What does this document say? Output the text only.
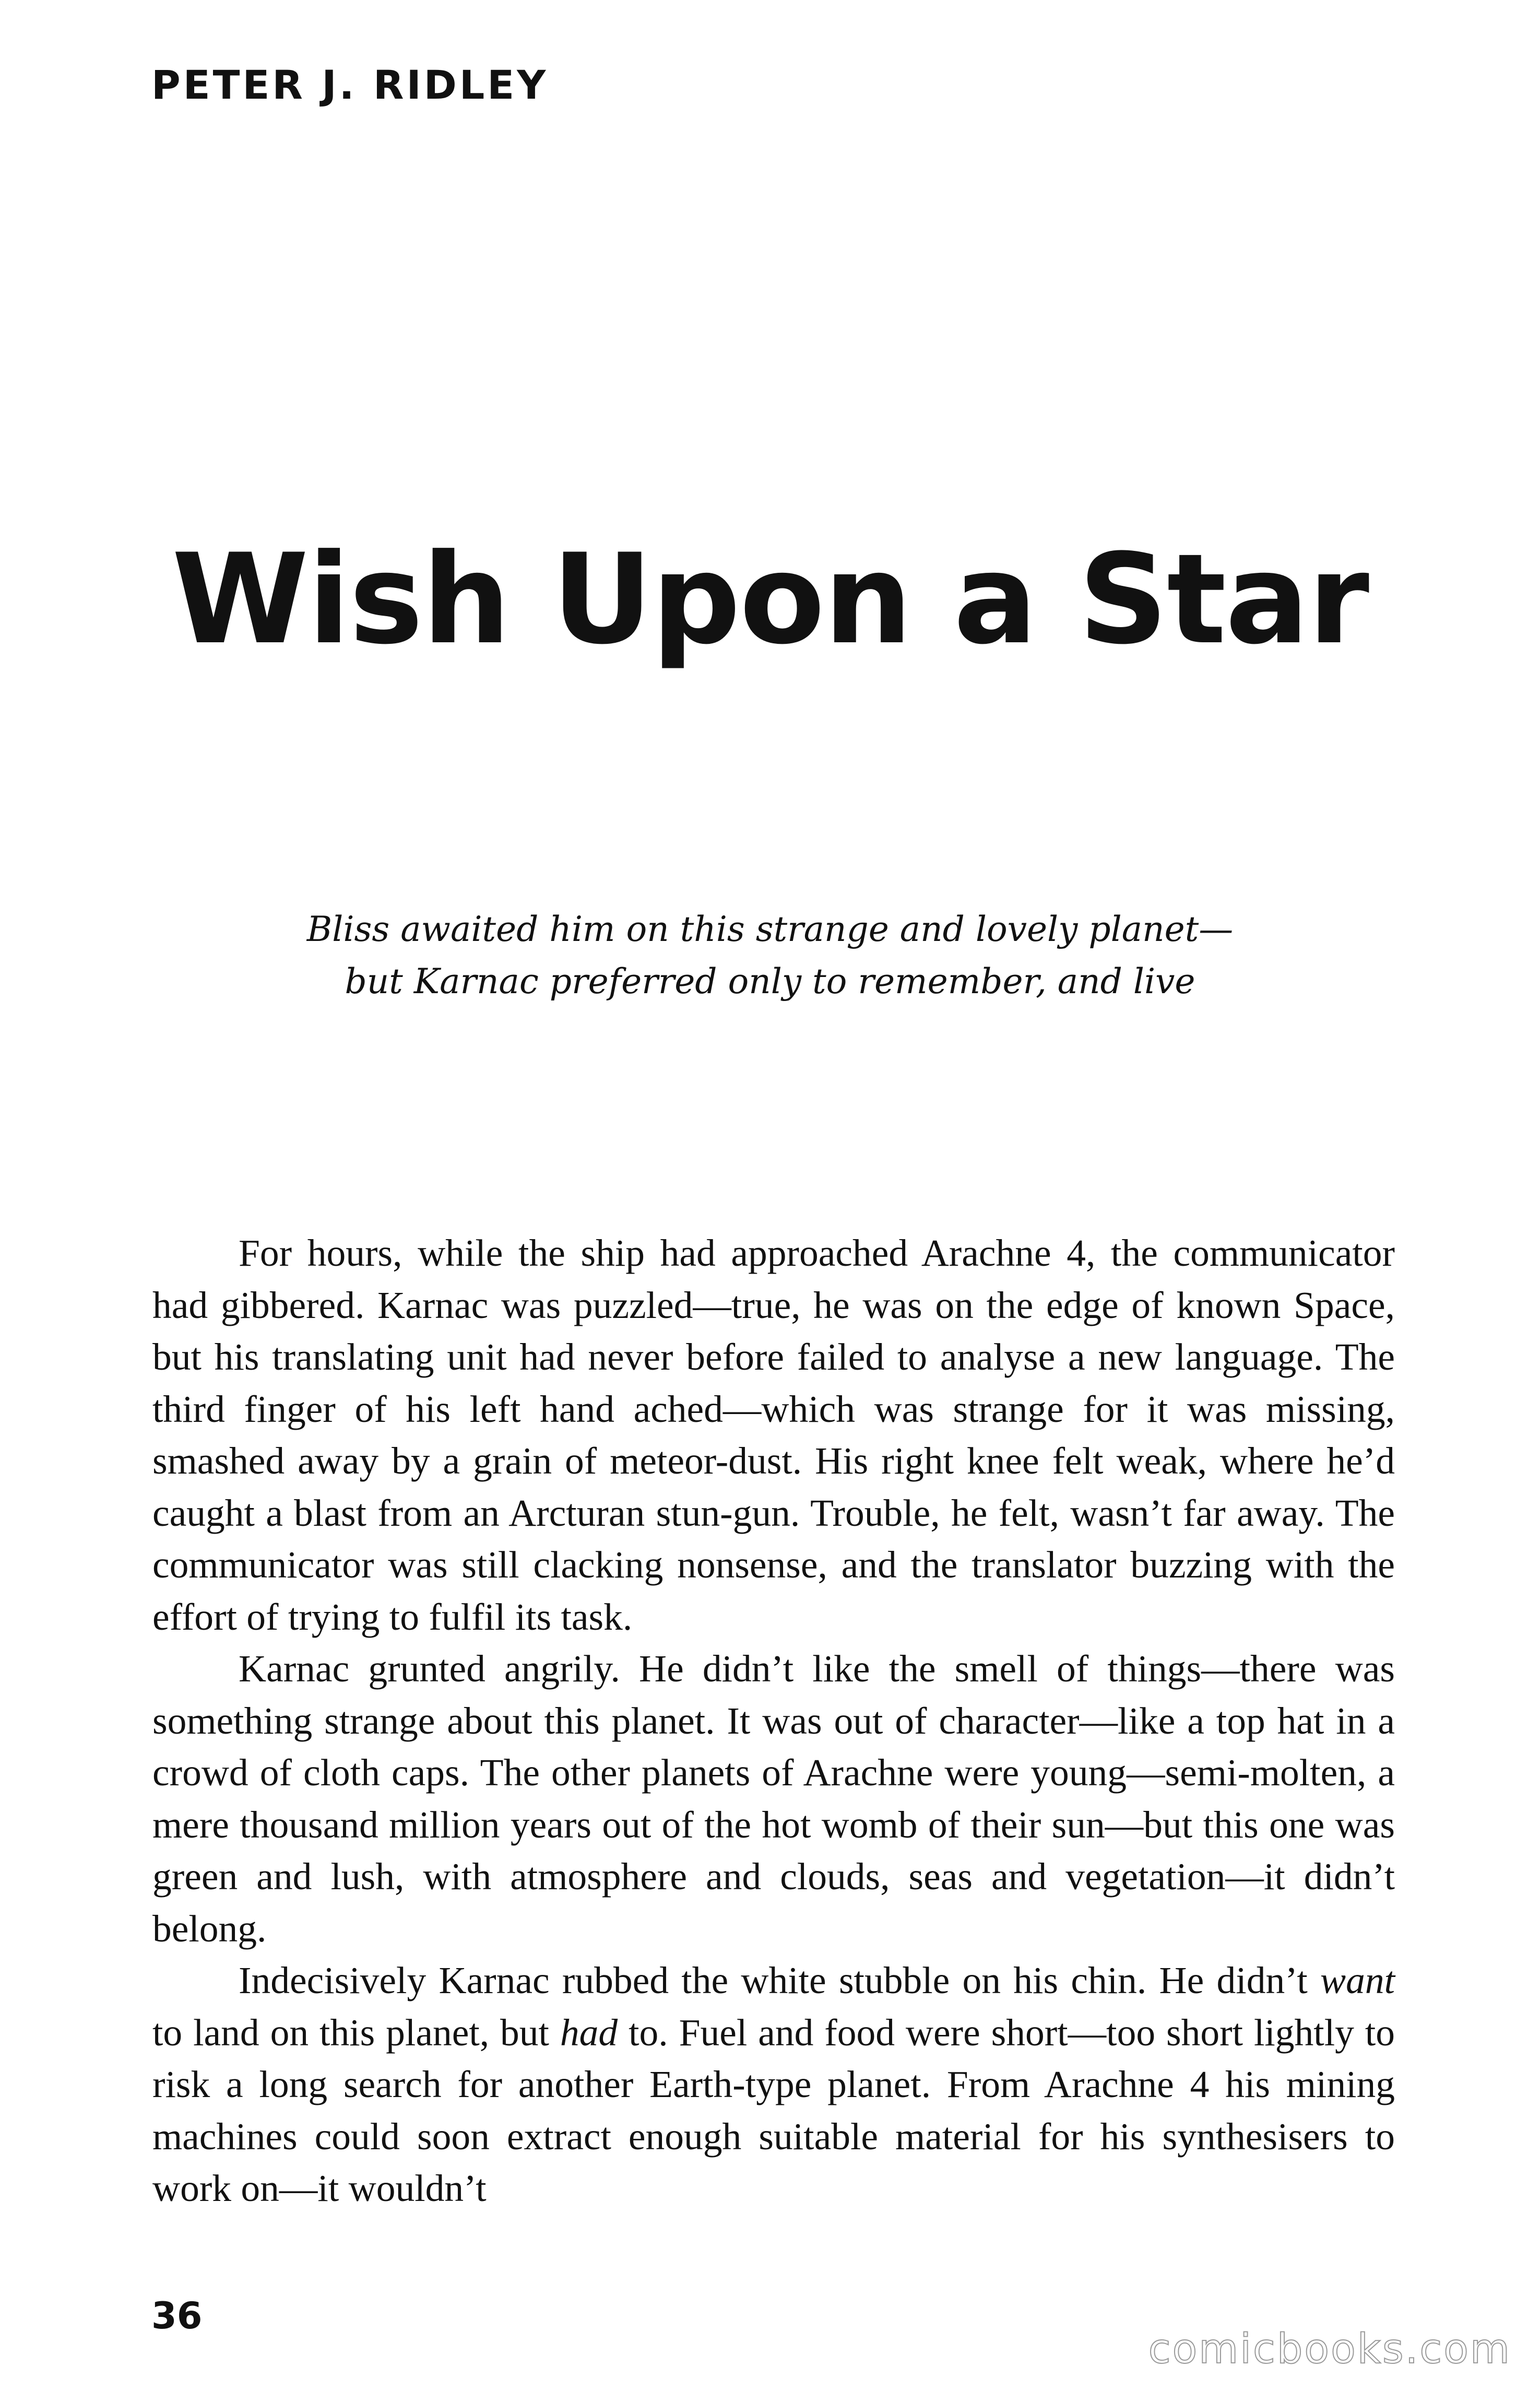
PETER J. RIDLEY
Wish Upon a Star
Bliss awaited him on this strange and lovely planet—
but Karnac preferred only to remember, and live

For hours, while the ship had approached Arachne 4, the communicator had gibbered. Karnac was puzzled—true, he was on the edge of known Space, but his translating unit had never before failed to analyse a new language. The third finger of his left hand ached—which was strange for it was missing, smashed away by a grain of meteor-dust. His right knee felt weak, where he’d caught a blast from an Arcturan stun-gun. Trouble, he felt, wasn’t far away. The communicator was still clacking nonsense, and the translator buzzing with the effort of trying to fulfil its task.

Karnac grunted angrily. He didn’t like the smell of things—there was something strange about this planet. It was out of character—like a top hat in a crowd of cloth caps. The other planets of Arachne were young—semi-molten, a mere thousand million years out of the hot womb of their sun—but this one was green and lush, with atmosphere and clouds, seas and vegetation—it didn’t belong.

Indecisively Karnac rubbed the white stubble on his chin. He didn’t want to land on this planet, but had to. Fuel and food were short—too short lightly to risk a long search for another Earth-type planet. From Arachne 4 his mining machines could soon extract enough suitable material for his synthesisers to work on—it wouldn’t

36
comicbooks.com
